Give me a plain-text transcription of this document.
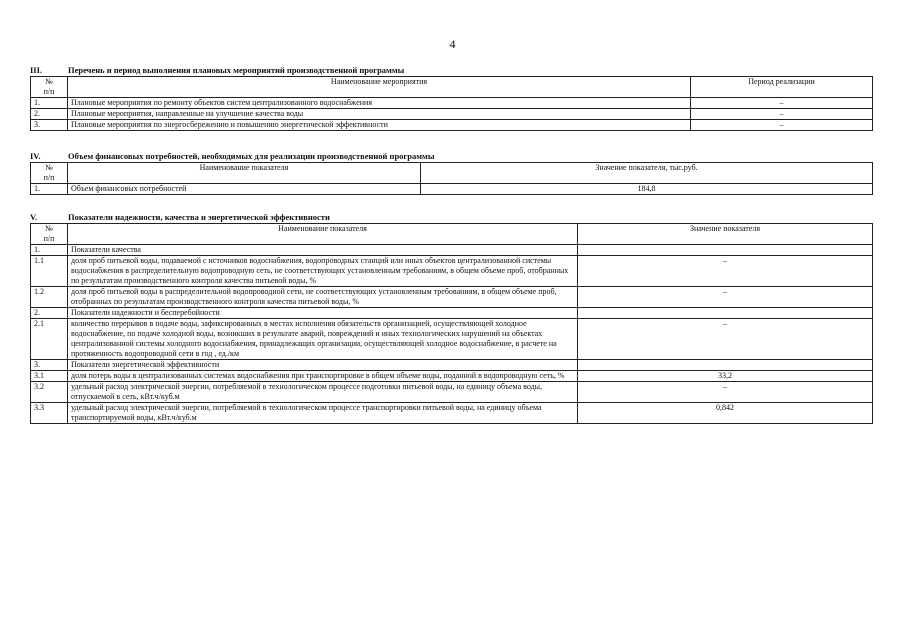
4
III.	Перечень и период выполнения плановых мероприятий производственной программы
№
п/п	Наименование мероприятия	Период реализации
1.	Плановые мероприятия по ремонту объектов систем централизованного водоснабжения	–
2.	Плановые мероприятия, направленные на улучшение качества воды	–
3.	Плановые мероприятия по энергосбережению и повышению энергетической эффективности	–
IV.	Объем финансовых потребностей, необходимых для реализации производственной программы
№
п/п	Наименование показателя	Значение показателя, тыс.руб.
1.	Объем финансовых потребностей	184,8
V.	Показатели надежности, качества и энергетической эффективности
№
п/п	Наименование показателя	Значение показателя
1.	Показатели качества	
1.1	доля проб питьевой воды, подаваемой с источников водоснабжения, водопроводных станций или иных объектов централизованной системы водоснабжения в распределительную водопроводную сеть, не соответствующих установленным требованиям, в общем объеме проб, отобранных по результатам производственного контроля качества питьевой воды, %	–
1.2	доля проб питьевой воды в распределительной водопроводной сети, не соответствующих установленным требованиям, в общем объеме проб, отобранных по результатам производственного контроля качества питьевой воды, %	–
2.	Показатели надежности и бесперебойности	
2.1	количество перерывов в подаче воды, зафиксированных в местах исполнения обязательств организацией, осуществляющей холодное водоснабжение, по подаче холодной воды, возникших в результате аварий, повреждений и иных технологических нарушений на объектах централизованной системы холодного водоснабжения, принадлежащих организации, осуществляющей холодное водоснабжение, в расчете на протяженность водопроводной сети в год , ед./км	–
3.	Показатели энергетической эффективности	
3.1	доля потерь воды в централизованных системах водоснабжения при транспортировке в общем объеме воды, поданной в водопроводную сеть, %	33,2
3.2	удельный расход электрической энергии, потребляемой в технологическом процессе подготовки питьевой воды, на единицу объема воды, отпускаемой в сеть, кВт.ч/куб.м	–
3.3	удельный расход электрической энергии, потребляемой в технологическом процессе транспортировки питьевой воды, на единицу объема транспортируемой воды, кВт.ч/куб.м	0,842
